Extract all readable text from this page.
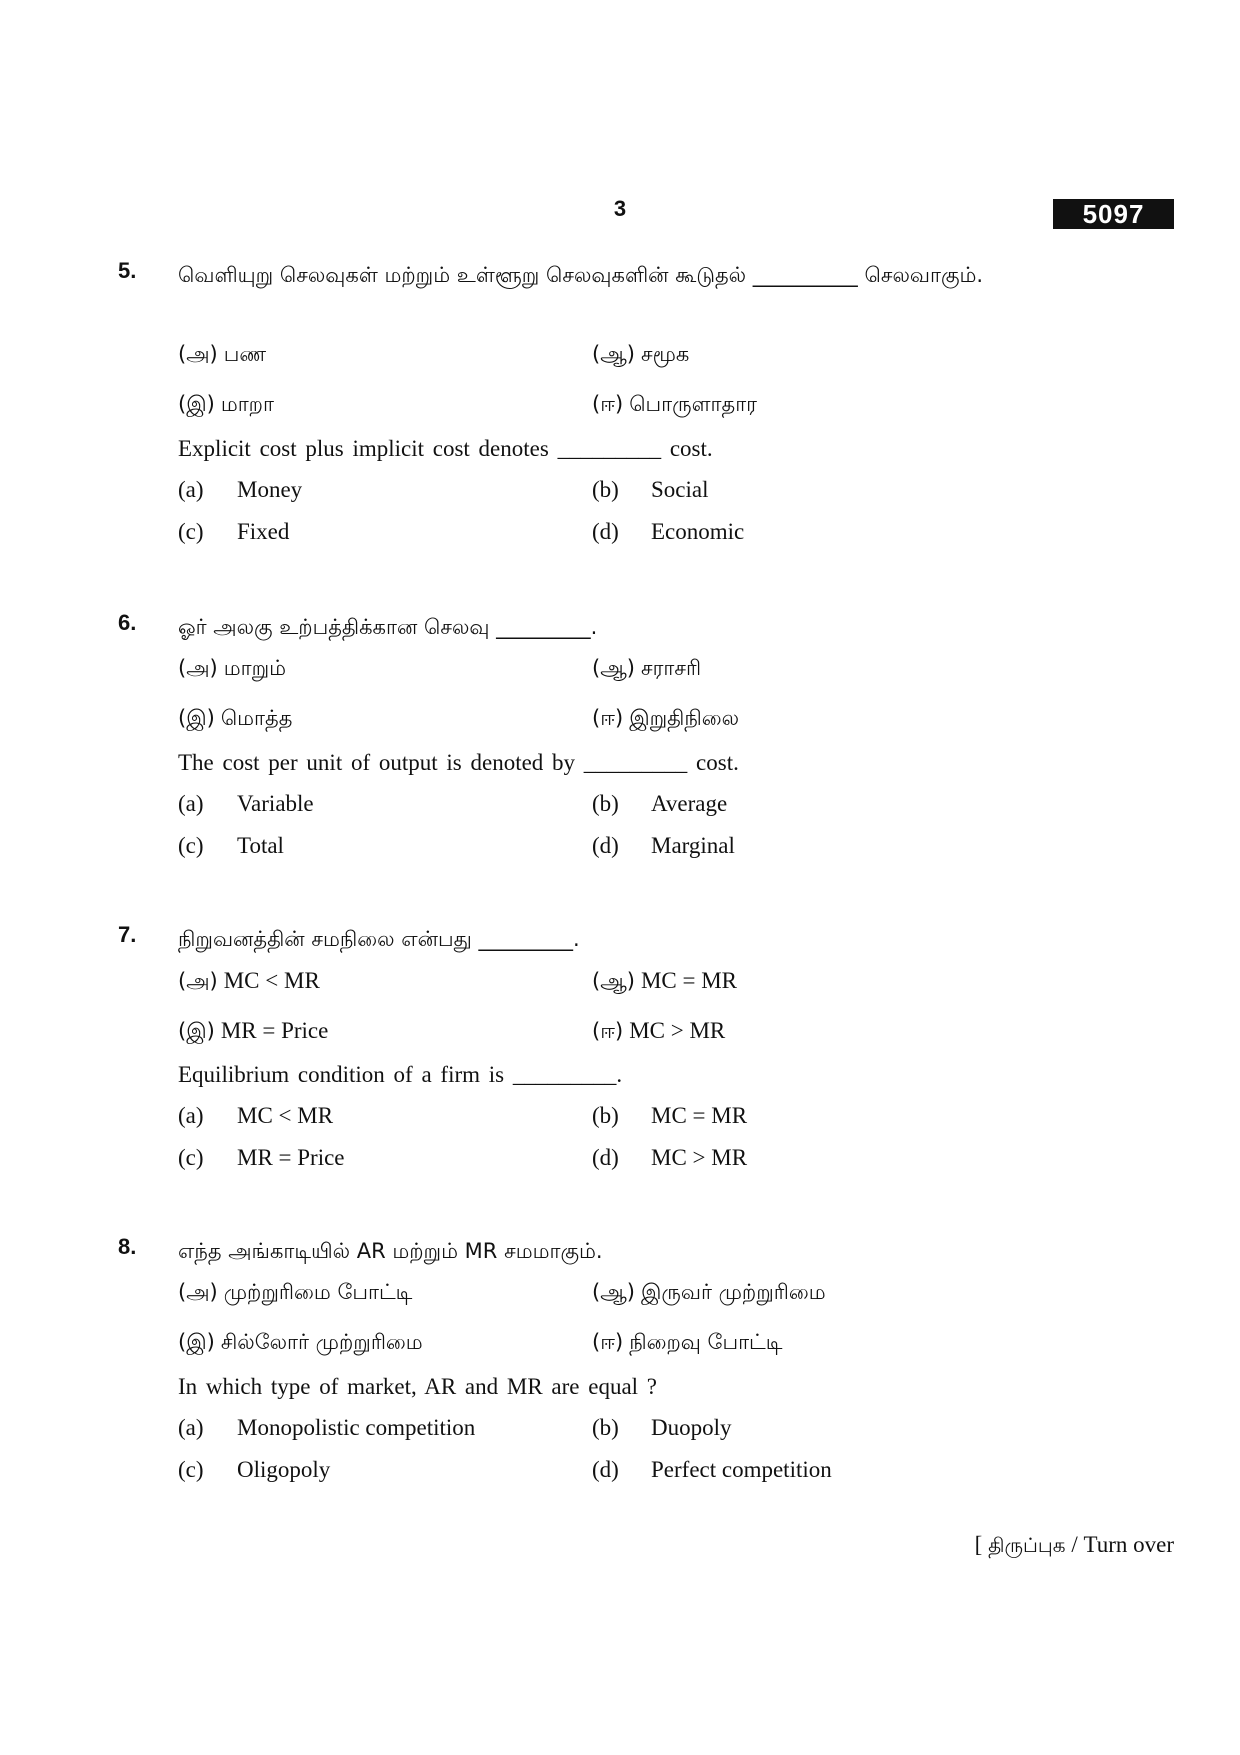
3	5097
5. வெளியுறு செலவுகள் மற்றும் உள்ளூறு செலவுகளின் கூடுதல் __________ செலவாகும்.
(அ) பண	(ஆ) சமூக
(இ) மாறா	(ஈ) பொருளாதார
Explicit cost plus implicit cost denotes _________ cost.
(a) Money	(b) Social
(c) Fixed	(d) Economic
6. ஓர் அலகு உற்பத்திக்கான செலவு _________.
(அ) மாறும்	(ஆ) சராசரி
(இ) மொத்த	(ஈ) இறுதிநிலை
The cost per unit of output is denoted by _________ cost.
(a) Variable	(b) Average
(c) Total	(d) Marginal
7. நிறுவனத்தின் சமநிலை என்பது _________.
(அ) MC < MR	(ஆ) MC = MR
(இ) MR = Price	(ஈ) MC > MR
Equilibrium condition of a firm is _________.
(a) MC < MR	(b) MC = MR
(c) MR = Price	(d) MC > MR
8. எந்த அங்காடியில் AR மற்றும் MR சமமாகும்.
(அ) முற்றுரிமை போட்டி	(ஆ) இருவர் முற்றுரிமை
(இ) சில்லோர் முற்றுரிமை	(ஈ) நிறைவு போட்டி
In which type of market, AR and MR are equal ?
(a) Monopolistic competition	(b) Duopoly
(c) Oligopoly	(d) Perfect competition
[ திருப்புக / Turn over
